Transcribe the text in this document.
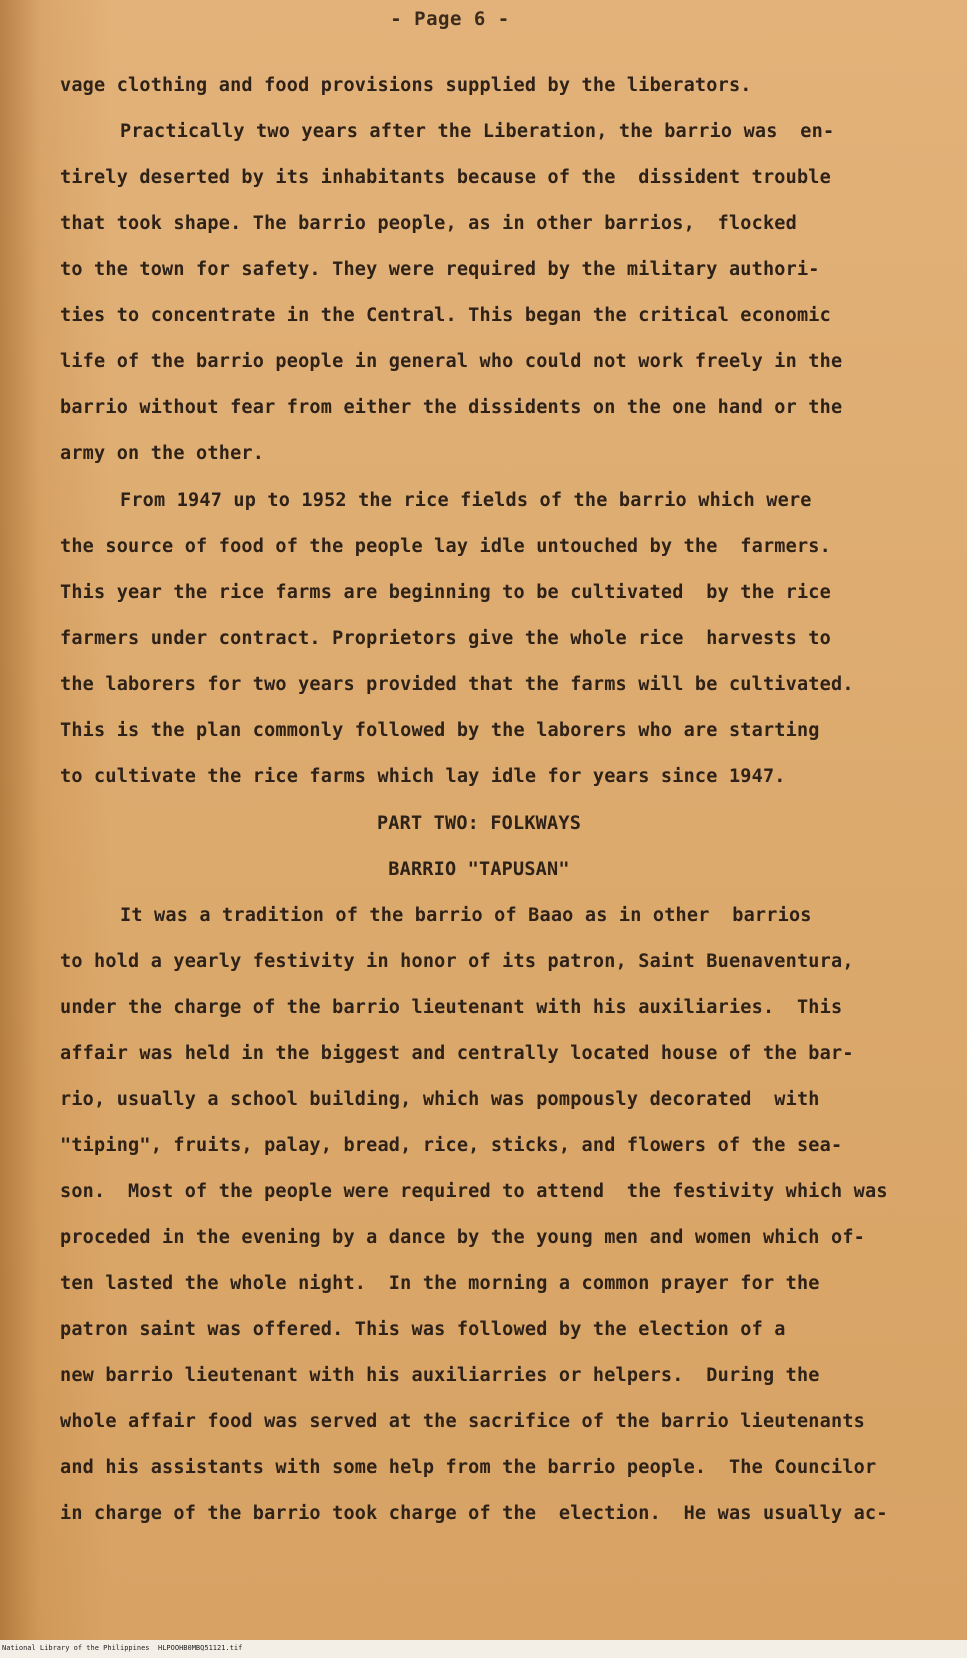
- Page 6 -
vage clothing and food provisions supplied by the liberators.
Practically two years after the Liberation, the barrio was  en-
tirely deserted by its inhabitants because of the  dissident trouble
that took shape. The barrio people, as in other barrios,  flocked
to the town for safety. They were required by the military authori-
ties to concentrate in the Central. This began the critical economic
life of the barrio people in general who could not work freely in the
barrio without fear from either the dissidents on the one hand or the
army on the other.
From 1947 up to 1952 the rice fields of the barrio which were
the source of food of the people lay idle untouched by the  farmers.
This year the rice farms are beginning to be cultivated  by the rice
farmers under contract. Proprietors give the whole rice  harvests to
the laborers for two years provided that the farms will be cultivated.
This is the plan commonly followed by the laborers who are starting
to cultivate the rice farms which lay idle for years since 1947.
PART TWO: FOLKWAYS
BARRIO "TAPUSAN"
It was a tradition of the barrio of Baao as in other  barrios
to hold a yearly festivity in honor of its patron, Saint Buenaventura,
under the charge of the barrio lieutenant with his auxiliaries.  This
affair was held in the biggest and centrally located house of the bar-
rio, usually a school building, which was pompously decorated  with
"tiping", fruits, palay, bread, rice, sticks, and flowers of the sea-
son.  Most of the people were required to attend  the festivity which was
proceded in the evening by a dance by the young men and women which of-
ten lasted the whole night.  In the morning a common prayer for the
patron saint was offered. This was followed by the election of a
new barrio lieutenant with his auxiliarries or helpers.  During the
whole affair food was served at the sacrifice of the barrio lieutenants
and his assistants with some help from the barrio people.  The Councilor
in charge of the barrio took charge of the  election.  He was usually ac-
National Library of the Philippines HLPOOHB0MBQ51121.tif
